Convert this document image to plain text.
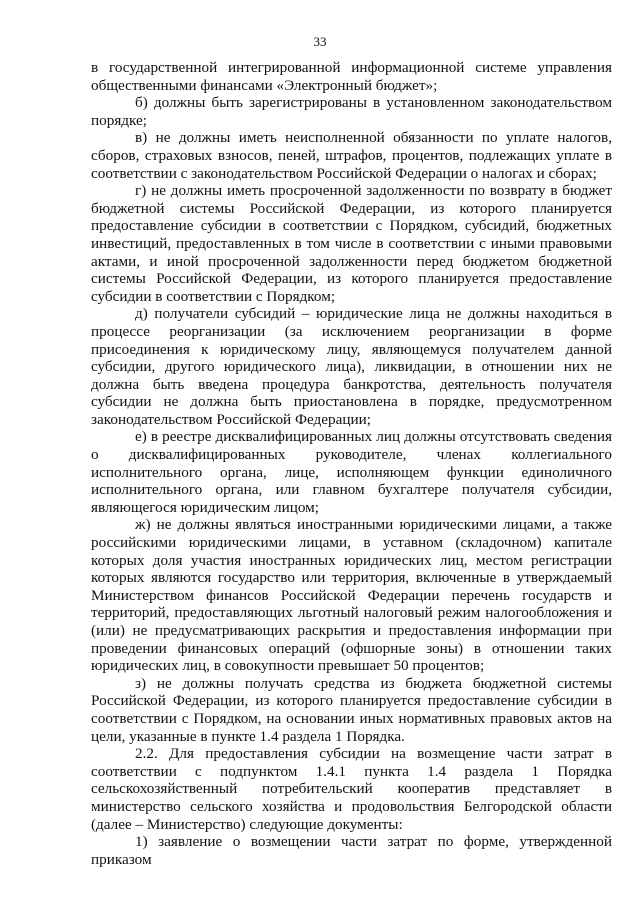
33

в государственной интегрированной информационной системе управления общественными финансами «Электронный бюджет»;

б) должны быть зарегистрированы в установленном законодательством порядке;

в) не должны иметь неисполненной обязанности по уплате налогов, сборов, страховых взносов, пеней, штрафов, процентов, подлежащих уплате в соответствии с законодательством Российской Федерации о налогах и сборах;

г) не должны иметь просроченной задолженности по возврату в бюджет бюджетной системы Российской Федерации, из которого планируется предоставление субсидии в соответствии с Порядком, субсидий, бюджетных инвестиций, предоставленных в том числе в соответствии с иными правовыми актами, и иной просроченной задолженности перед бюджетом бюджетной системы Российской Федерации, из которого планируется предоставление субсидии в соответствии с Порядком;

д) получатели субсидий – юридические лица не должны находиться в процессе реорганизации (за исключением реорганизации в форме присоединения к юридическому лицу, являющемуся получателем данной субсидии, другого юридического лица), ликвидации, в отношении них не должна быть введена процедура банкротства, деятельность получателя субсидии не должна быть приостановлена в порядке, предусмотренном законодательством Российской Федерации;

е) в реестре дисквалифицированных лиц должны отсутствовать сведения о дисквалифицированных руководителе, членах коллегиального исполнительного органа, лице, исполняющем функции единоличного исполнительного органа, или главном бухгалтере получателя субсидии, являющегося юридическим лицом;

ж) не должны являться иностранными юридическими лицами, а также российскими юридическими лицами, в уставном (складочном) капитале которых доля участия иностранных юридических лиц, местом регистрации которых являются государство или территория, включенные в утверждаемый Министерством финансов Российской Федерации перечень государств и территорий, предоставляющих льготный налоговый режим налогообложения и (или) не предусматривающих раскрытия и предоставления информации при проведении финансовых операций (офшорные зоны) в отношении таких юридических лиц, в совокупности превышает 50 процентов;

з) не должны получать средства из бюджета бюджетной системы Российской Федерации, из которого планируется предоставление субсидии в соответствии с Порядком, на основании иных нормативных правовых актов на цели, указанные в пункте 1.4 раздела 1 Порядка.

2.2. Для предоставления субсидии на возмещение части затрат в соответствии с подпунктом 1.4.1 пункта 1.4 раздела 1 Порядка сельскохозяйственный потребительский кооператив представляет в министерство сельского хозяйства и продовольствия Белгородской области (далее – Министерство) следующие документы:

1) заявление о возмещении части затрат по форме, утвержденной приказом
